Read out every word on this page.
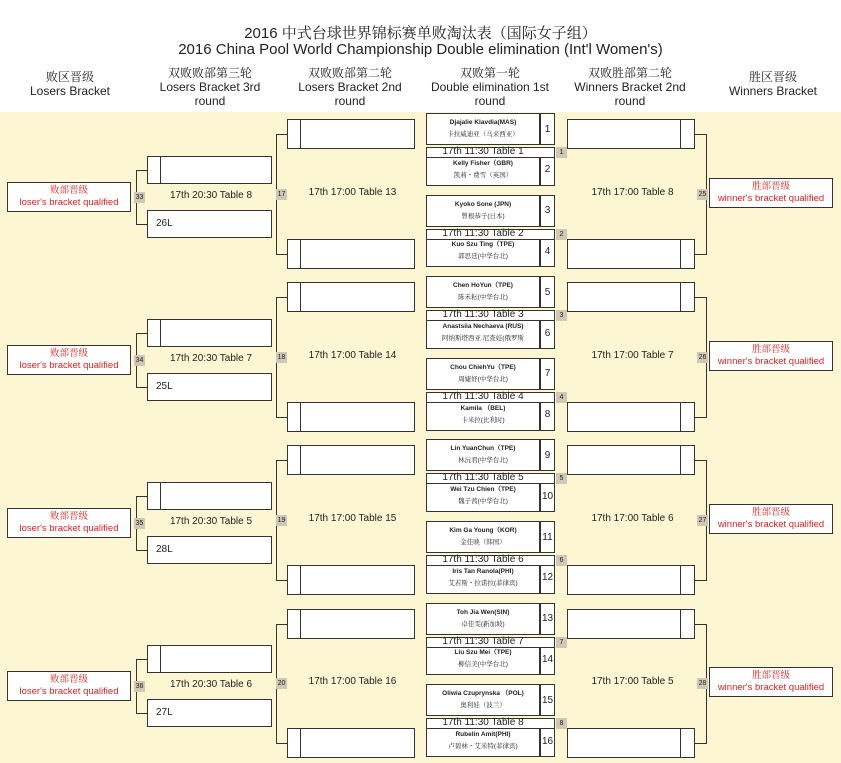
2016 中式台球世界锦标赛单败淘汰表（国际女子组）
2016 China Pool World Championship Double elimination (Int'l Women's)
败区晋级
Losers Bracket
双败败部第三轮
Losers Bracket 3rd round
双败败部第二轮
Losers Bracket 2nd round
双败第一轮
Double elimination 1st round
双败胜部第二轮
Winners Bracket 2nd round
胜区晋级
Winners Bracket
Djajalie Klavdia(MAS)
卡拉威迪亚（马来西亚）	1
Kelly Fisher（GBR)
凯莉・费雪（英国）	2
Kyoko Sone (JPN)
曾根恭子(日本)	3
Kuo Szu Ting（TPE)
郭思廷(中华台北)	4
Chen HoYun（TPE)
陈禾耘(中华台北)	5
Anastsiia Nechaeva (RUS)
阿纳斯塔西亚.尼查娃(俄罗斯	6
Chou ChiehYu（TPE)
周婕妤(中华台北)	7
Kamila （BEL)
卡米拉(比利时)	8
Lin YuanChun（TPE)
林沅君(中华台北)	9
Wei Tzu Chien（TPE)
魏子茜(中华台北)	10
Kim Ga Young（KOR)
金佳映（韩国）	11
Iris Tan Ranola(PHI)
艾若斯・拉诺拉(菲律宾)	12
Toh Jia Wen(SIN)
卓佳雯(新加坡)	13
Liu Szu Mei（TPE)
柳信美(中华台北)	14
Oliwia Czuprynska （POL)
奥利娃（波兰）	15
Rubelin Amit(PHI)
卢碧林・艾米特(菲律宾)	16
17th 11:30 Table 1	1
17th 11:30 Table 2	2
17th 11:30 Table 3	3
17th 11:30 Table 4	4
17th 11:30 Table 5	5
17th 11:30 Table 6	6
17th 11:30 Table 7	7
17th 11:30 Table 8	8
17	17th 17:00 Table 13	25
17th 17:00 Table 8
胜部晋级
winner's bracket qualified
33	17th 20:30 Table 8
26L
败部晋级
loser's bracket qualified
18	17th 17:00 Table 14	26
17th 17:00 Table 7
胜部晋级
winner's bracket qualified
34	17th 20:30 Table 7
25L
败部晋级
loser's bracket qualified
19	17th 17:00 Table 15	27
17th 17:00 Table 6
胜部晋级
winner's bracket qualified
35	17th 20:30 Table 5
28L
败部晋级
loser's bracket qualified
20	17th 17:00 Table 16	28
17th 17:00 Table 5
胜部晋级
winner's bracket qualified
36	17th 20:30 Table 6
27L
败部晋级
loser's bracket qualified
